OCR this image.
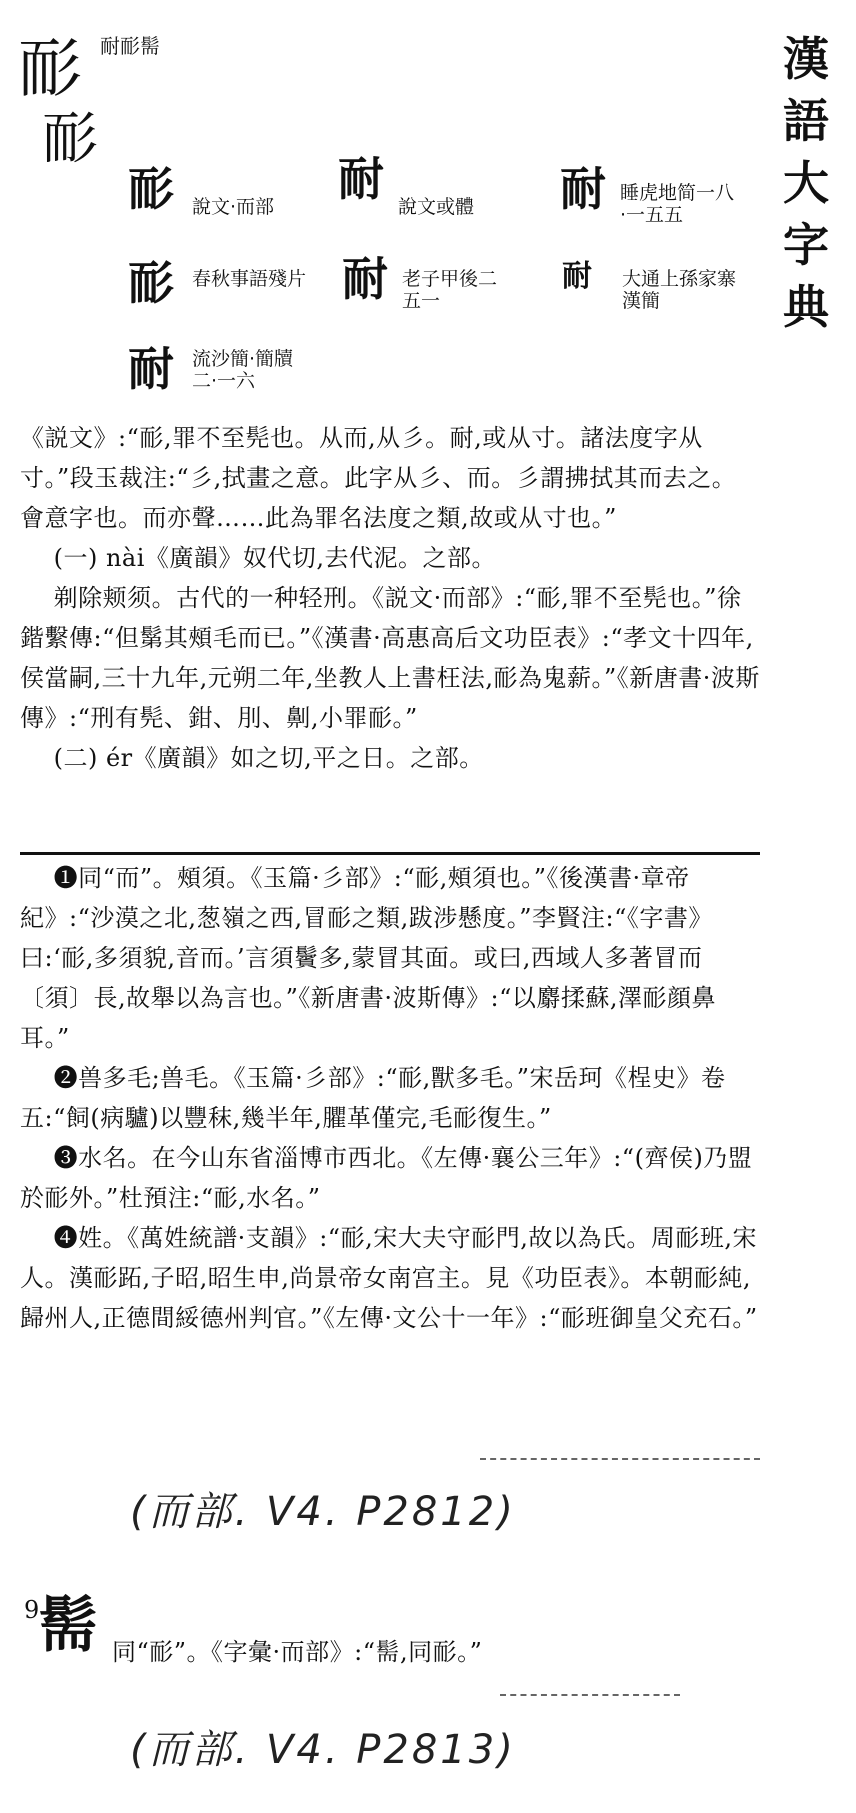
耏 耐耏髵
耏
漢
語
大
字
典
耏 說文·而部
耐
說文或體	耐 睡虎地简一八·一五五
耏 春秋事語殘片 耐 老子甲後二五一
耐 大通上孫家寨漢簡
耐 流沙簡·簡牘二·一六

《説文》:“耏,罪不至髡也。从而,从彡。耐,或从寸。諸法度字从寸。”段玉裁注:“彡,拭畫之意。此字从彡、而。彡謂拂拭其而去之。會意字也。而亦聲……此為罪名法度之類,故或从寸也。”

(一) nài《廣韻》奴代切,去代泥。之部。

剃除颊须。古代的一种轻刑。《説文·而部》:“耏,罪不至髡也。”徐鍇繫傳:“但鬀其頰毛而已。”《漢書·高惠高后文功臣表》:“孝文十四年,侯當嗣,三十九年,元朔二年,坐教人上書枉法,耏為鬼薪。”《新唐書·波斯傳》:“刑有髡、鉗、刖、劓,小罪耏。”

(二) ér《廣韻》如之切,平之日。之部。

❶同“而”。頰須。《玉篇·彡部》:“耏,頰須也。”《後漢書·章帝紀》:“沙漠之北,葱嶺之西,冒耏之類,跋涉懸度。”李賢注:“《字書》曰:‘耏,多須貌,音而。’言須鬢多,蒙冒其面。或曰,西域人多著冒而〔須〕長,故舉以為言也。”《新唐書·波斯傳》:“以麝揉蘇,澤耏顔鼻耳。”

❷兽多毛;兽毛。《玉篇·彡部》:“耏,獸多毛。”宋岳珂《桯史》卷五:“飼(病驢)以豐秣,幾半年,臞革僅完,毛耏復生。”

❸水名。在今山东省淄博市西北。《左傳·襄公三年》:“(齊侯)乃盟於耏外。”杜預注:“耏,水名。”

❹姓。《萬姓統譜·支韻》:“耏,宋大夫守耏門,故以為氏。周耏班,宋人。漢耏跖,子昭,昭生申,尚景帝女南宫主。見《功臣表》。本朝耏純,歸州人,正德間綏德州判官。”《左傳·文公十一年》:“耏班御皇父充石。”

(而部. V4. P2812)
9
髵 同“耏”。《字彙·而部》:“髵,同耏。”
(而部. V4. P2813)
